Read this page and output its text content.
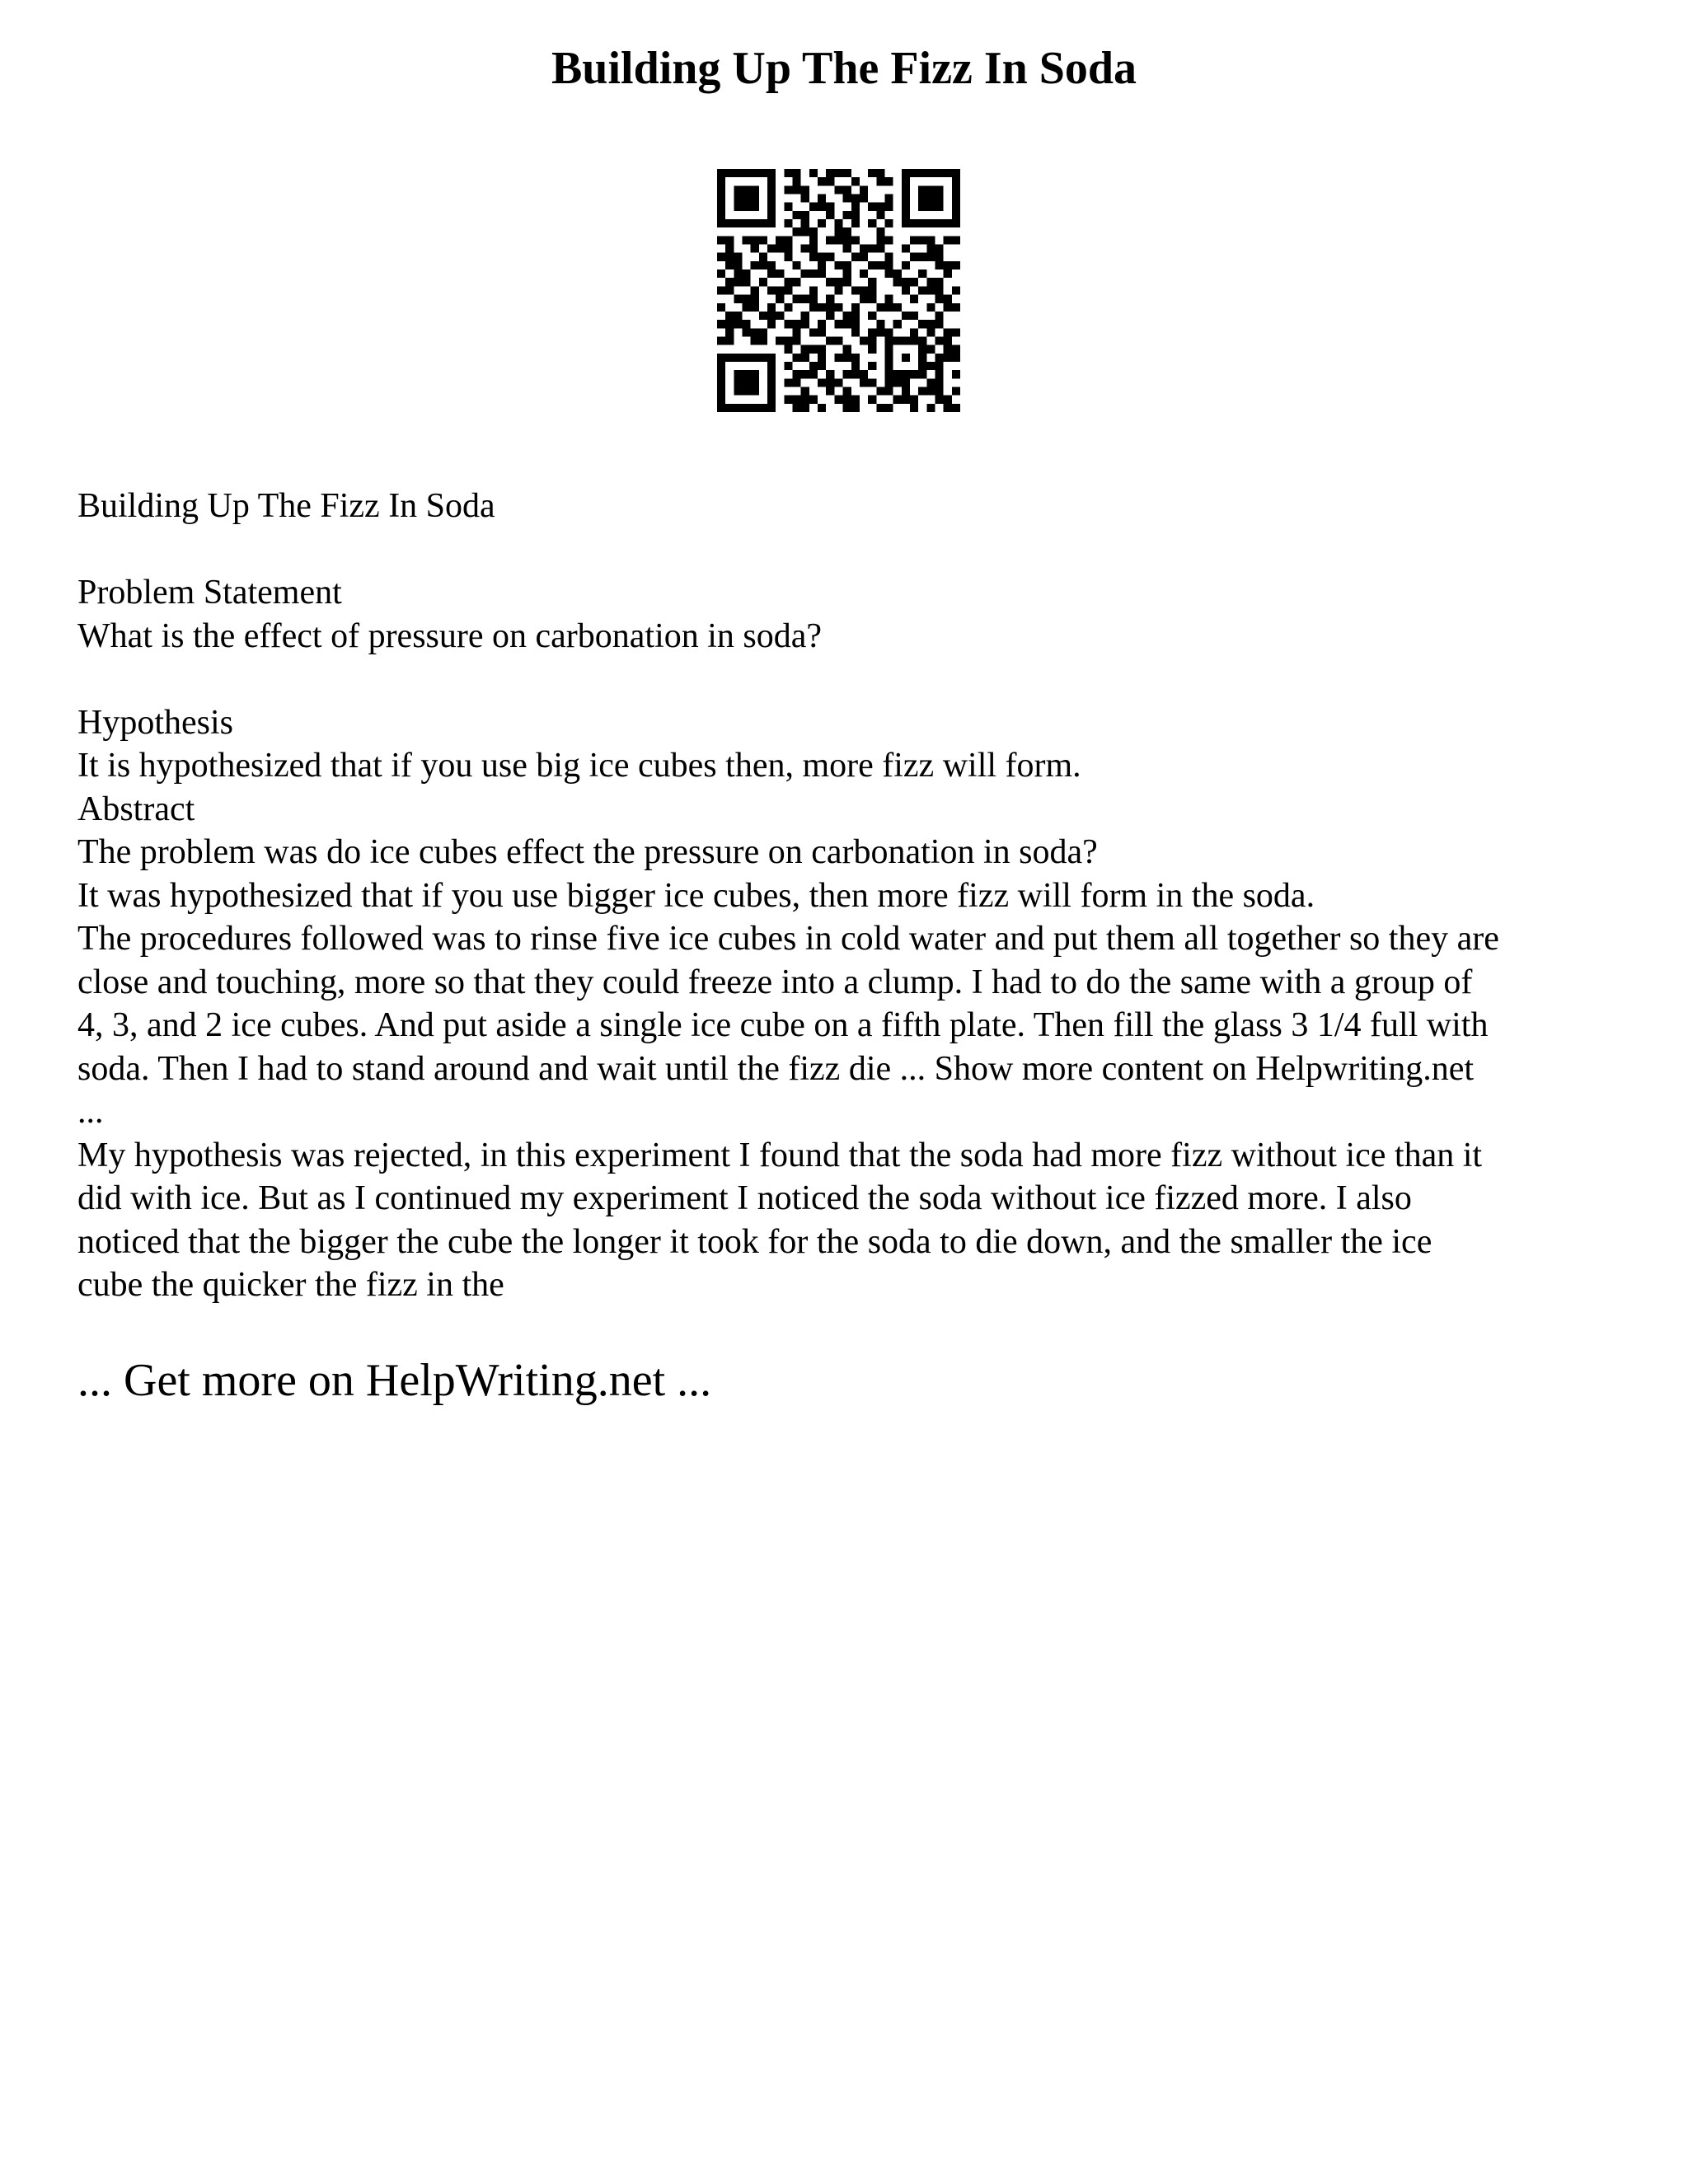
Building Up The Fizz In Soda
Building Up The Fizz In Soda
Problem Statement
What is the effect of pressure on carbonation in soda?
Hypothesis
It is hypothesized that if you use big ice cubes then, more fizz will form.
Abstract
The problem was do ice cubes effect the pressure on carbonation in soda?
It was hypothesized that if you use bigger ice cubes, then more fizz will form in the soda.
The procedures followed was to rinse five ice cubes in cold water and put them all together so they are
close and touching, more so that they could freeze into a clump. I had to do the same with a group of
4, 3, and 2 ice cubes. And put aside a single ice cube on a fifth plate. Then fill the glass 3 1/4 full with
soda. Then I had to stand around and wait until the fizz die ... Show more content on Helpwriting.net
...
My hypothesis was rejected, in this experiment I found that the soda had more fizz without ice than it
did with ice. But as I continued my experiment I noticed the soda without ice fizzed more. I also
noticed that the bigger the cube the longer it took for the soda to die down, and the smaller the ice
cube the quicker the fizz in the
... Get more on HelpWriting.net ...
